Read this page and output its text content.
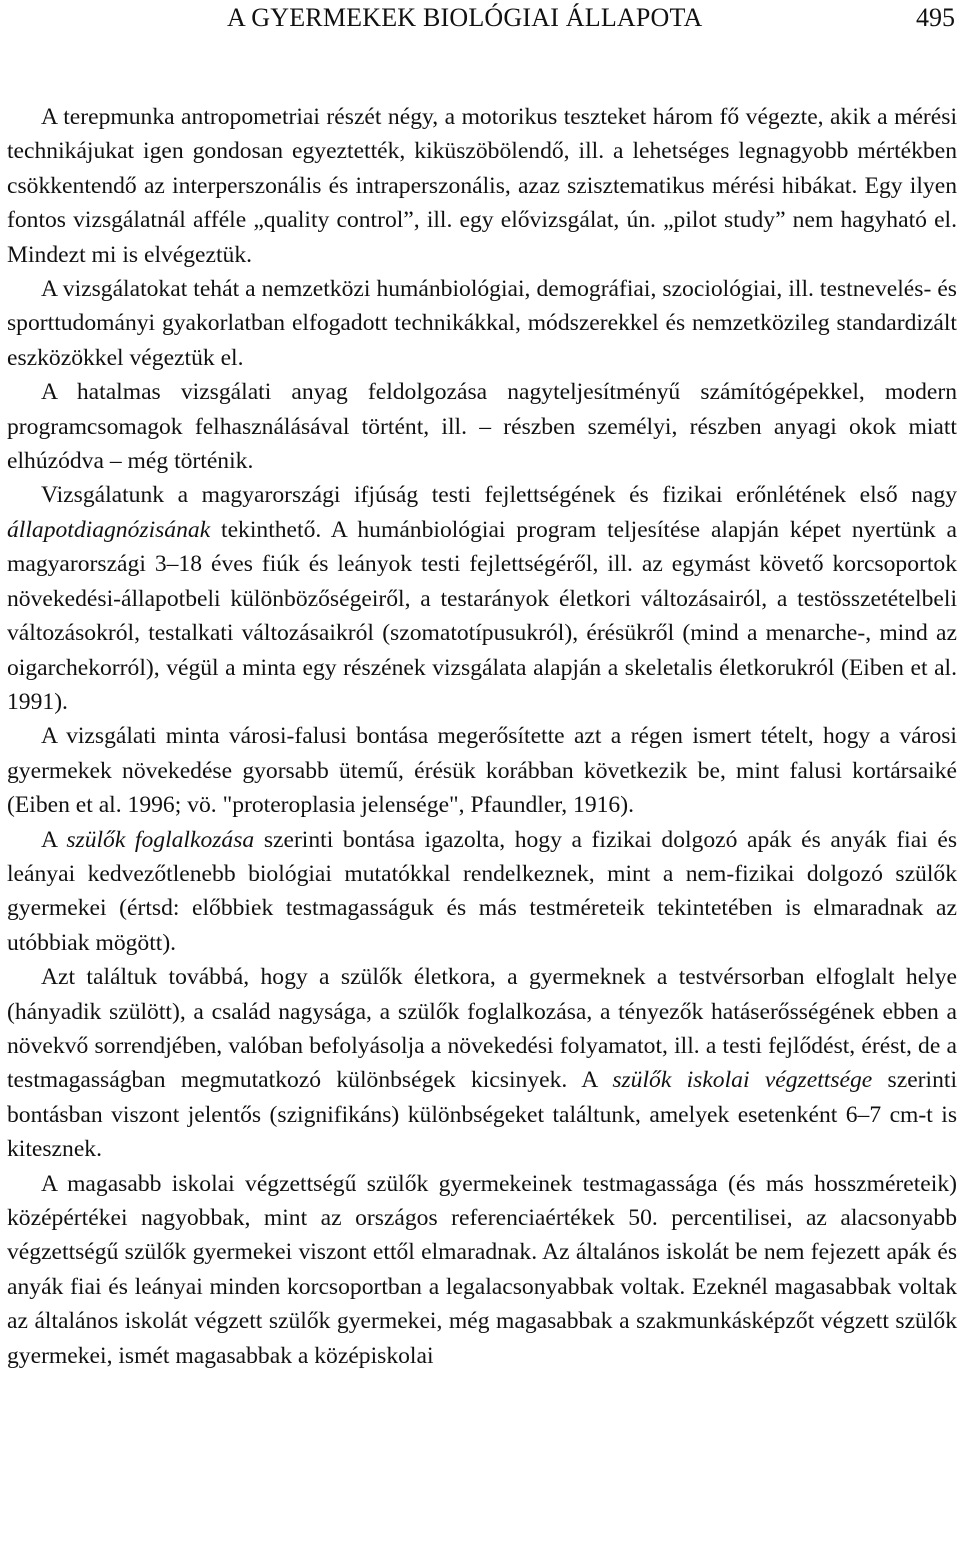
A GYERMEKEK BIOLÓGIAI ÁLLAPOTA	495

A terepmunka antropometriai részét négy, a motorikus teszteket három fő végezte, akik a mérési technikájukat igen gondosan egyeztették, kiküszöbölendő, ill. a lehetséges legnagyobb mértékben csökkentendő az interperszonális és intraperszonális, azaz szisztematikus mérési hibákat. Egy ilyen fontos vizsgálatnál afféle „quality control”, ill. egy elővizsgálat, ún. „pilot study” nem hagyható el. Mindezt mi is elvégeztük.

A vizsgálatokat tehát a nemzetközi humánbiológiai, demográfiai, szociológiai, ill. testnevelés- és sporttudományi gyakorlatban elfogadott technikákkal, módszerekkel és nemzetközileg standardizált eszközökkel végeztük el.

A hatalmas vizsgálati anyag feldolgozása nagyteljesítményű számítógépekkel, modern programcsomagok felhasználásával történt, ill. – részben személyi, részben anyagi okok miatt elhúzódva – még történik.

Vizsgálatunk a magyarországi ifjúság testi fejlettségének és fizikai erőnlétének első nagy állapotdiagnózisának tekinthető. A humánbiológiai program teljesítése alapján képet nyertünk a magyarországi 3–18 éves fiúk és leányok testi fejlettségéről, ill. az egymást követő korcsoportok növekedési-állapotbeli különbözőségeiről, a testarányok életkori változásairól, a testösszetételbeli változásokról, testalkati változásaikról (szomatotípusukról), érésükről (mind a menarche-, mind az oigarchekorról), végül a minta egy részének vizsgálata alapján a skeletalis életkorukról (Eiben et al. 1991).

A vizsgálati minta városi-falusi bontása megerősítette azt a régen ismert tételt, hogy a városi gyermekek növekedése gyorsabb ütemű, érésük korábban következik be, mint falusi kortársaiké (Eiben et al. 1996; vö. "proteroplasia jelensége", Pfaundler, 1916).

A szülők foglalkozása szerinti bontása igazolta, hogy a fizikai dolgozó apák és anyák fiai és leányai kedvezőtlenebb biológiai mutatókkal rendelkeznek, mint a nem-fizikai dolgozó szülők gyermekei (értsd: előbbiek testmagasságuk és más testméreteik tekintetében is elmaradnak az utóbbiak mögött).

Azt találtuk továbbá, hogy a szülők életkora, a gyermeknek a testvérsorban elfoglalt helye (hányadik szülött), a család nagysága, a szülők foglalkozása, a tényezők hatáserősségének ebben a növekvő sorrendjében, valóban befolyásolja a növekedési folyamatot, ill. a testi fejlődést, érést, de a testmagasságban megmutatkozó különbségek kicsinyek. A szülők iskolai végzettsége szerinti bontásban viszont jelentős (szignifikáns) különbségeket találtunk, amelyek esetenként 6–7 cm-t is kitesznek.

A magasabb iskolai végzettségű szülők gyermekeinek testmagassága (és más hosszméreteik) középértékei nagyobbak, mint az országos referenciaértékek 50. percentilisei, az alacsonyabb végzettségű szülők gyermekei viszont ettől elmaradnak. Az általános iskolát be nem fejezett apák és anyák fiai és leányai minden korcsoportban a legalacsonyabbak voltak. Ezeknél magasabbak voltak az általános iskolát végzett szülők gyermekei, még magasabbak a szakmunkásképzőt végzett szülők gyermekei, ismét magasabbak a középiskolai
